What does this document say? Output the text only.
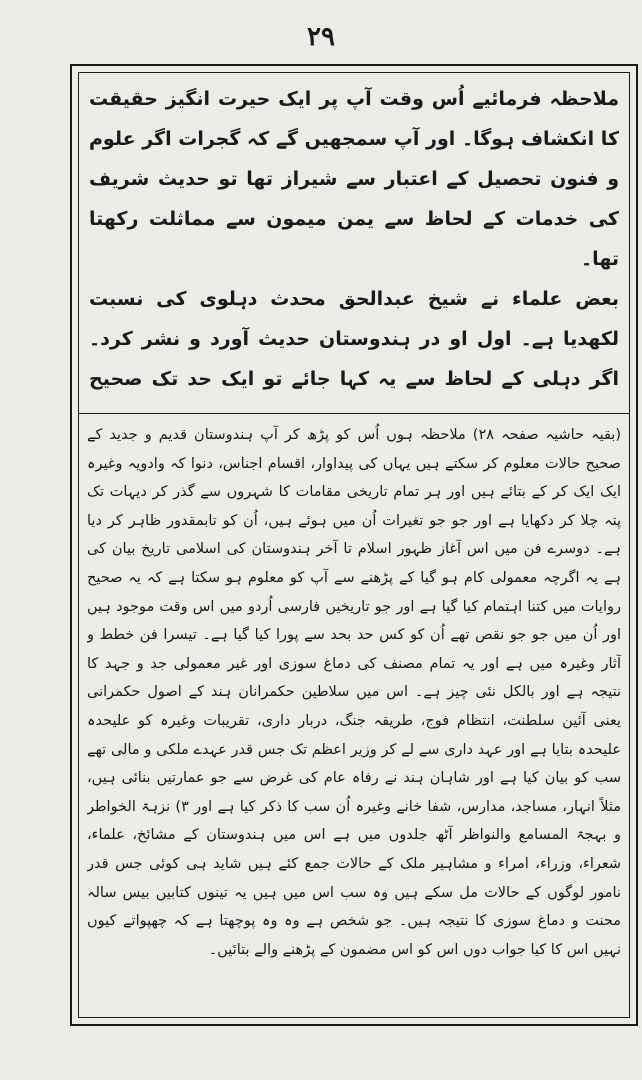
۲۹

ملاحظہ فرمائیے اُس وقت آپ پر ایک حیرت انگیز حقیقت کا انکشاف ہوگا۔ اور آپ سمجھیں گے کہ گجرات اگر علوم و فنون تحصیل کے اعتبار سے شیراز تھا تو حدیث شریف کی خدمات کے لحاظ سے یمن میمون سے مماثلت رکھتا تھا۔

بعض علماء نے شیخ عبدالحق محدث دہلوی کی نسبت لکھدیا ہے۔ اول او در ہندوستان حدیث آورد و نشر کرد۔ اگر دہلی کے لحاظ سے یہ کہا جائے تو ایک حد تک صحیح

(بقیہ حاشیہ صفحہ ۲۸) ملاحظہ ہوں اُس کو پڑھ کر آپ ہندوستان قدیم و جدید کے صحیح حالات معلوم کر سکتے ہیں یہاں کی پیداوار، اقسام اجناس، دنوا کہ وادویہ وغیرہ ایک ایک کر کے بتائے ہیں اور ہر تمام تاریخی مقامات کا شہروں سے گذر کر دیہات تک پتہ چلا کر دکھایا ہے اور جو جو تغیرات اُن میں ہوئے ہیں، اُن کو تابمقدور ظاہر کر دیا ہے۔ دوسرے فن میں اس آغاز ظہور اسلام تا آخر ہندوستان کی اسلامی تاریخ بیان کی ہے یہ اگرچہ معمولی کام ہو گیا کے پڑھنے سے آپ کو معلوم ہو سکتا ہے کہ یہ صحیح روایات میں کتنا اہتمام کیا گیا ہے اور جو تاریخیں فارسی اُردو میں اس وقت موجود ہیں اور اُن میں جو جو نقص تھے اُن کو کس حد بحد سے پورا کیا گیا ہے۔ تیسرا فن خطط و آثار وغیرہ میں ہے اور یہ تمام مصنف کی دماغ سوزی اور غیر معمولی جد و جہد کا نتیجہ ہے اور بالکل نئی چیز ہے۔ اس میں سلاطین حکمرانان ہند کے اصول حکمرانی یعنی آئین سلطنت، انتظام فوج، طریقہ جنگ، دربار داری، تقریبات وغیرہ کو علیحدہ علیحدہ بتایا ہے اور عہد داری سے لے کر وزیر اعظم تک جس قدر عہدے ملکی و مالی تھے سب کو بیان کیا ہے اور شاہان ہند نے رفاہ عام کی غرض سے جو عمارتیں بنائی ہیں، مثلاً انہار، مساجد، مدارس، شفا خانے وغیرہ اُن سب کا ذکر کیا ہے اور ۳) نزہۃ الخواطر و بہجۃ المسامع والنواظر آٹھ جلدوں میں ہے اس میں ہندوستان کے مشائخ، علماء، شعراء، وزراء، امراء و مشاہیر ملک کے حالات جمع کئے ہیں شاید ہی کوئی جس قدر نامور لوگوں کے حالات مل سکے ہیں وہ سب اس میں ہیں یہ تینوں کتابیں بیس سالہ محنت و دماغ سوزی کا نتیجہ ہیں۔ جو شخص ہے وہ وہ پوچھتا ہے کہ چھپواتے کیوں نہیں اس کا کیا جواب دوں اس کو اس مضمون کے پڑھنے والے بتائیں۔
